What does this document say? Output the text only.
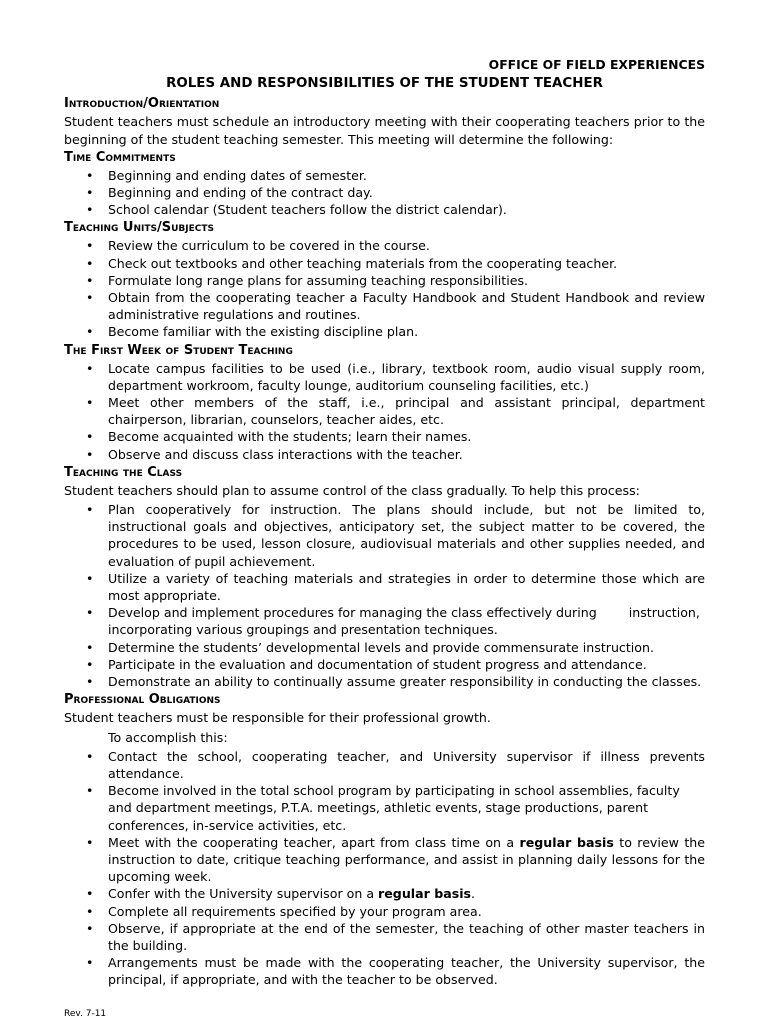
OFFICE OF FIELD EXPERIENCES
ROLES AND RESPONSIBILITIES OF THE STUDENT TEACHER
Introduction/Orientation
Student teachers must schedule an introductory meeting with their cooperating teachers prior to the beginning of the student teaching semester. This meeting will determine the following:
Time Commitments
• Beginning and ending dates of semester.
• Beginning and ending of the contract day.
• School calendar (Student teachers follow the district calendar).
Teaching Units/Subjects
• Review the curriculum to be covered in the course.
• Check out textbooks and other teaching materials from the cooperating teacher.
• Formulate long range plans for assuming teaching responsibilities.
• Obtain from the cooperating teacher a Faculty Handbook and Student Handbook and review administrative regulations and routines.
• Become familiar with the existing discipline plan.
The First Week of Student Teaching
• Locate campus facilities to be used (i.e., library, textbook room, audio visual supply room, department workroom, faculty lounge, auditorium counseling facilities, etc.)
• Meet other members of the staff, i.e., principal and assistant principal, department chairperson, librarian, counselors, teacher aides, etc.
• Become acquainted with the students; learn their names.
• Observe and discuss class interactions with the teacher.
Teaching the Class
Student teachers should plan to assume control of the class gradually. To help this process:
• Plan cooperatively for instruction. The plans should include, but not be limited to, instructional goals and objectives, anticipatory set, the subject matter to be covered, the procedures to be used, lesson closure, audiovisual materials and other supplies needed, and evaluation of pupil achievement.
• Utilize a variety of teaching materials and strategies in order to determine those which are most appropriate.
• Develop and implement procedures for managing the class effectively during        instruction, incorporating various groupings and presentation techniques.
• Determine the students’ developmental levels and provide commensurate instruction.
• Participate in the evaluation and documentation of student progress and attendance.
• Demonstrate an ability to continually assume greater responsibility in conducting the classes.
Professional Obligations
Student teachers must be responsible for their professional growth.
To accomplish this:
• Contact the school, cooperating teacher, and University supervisor if illness prevents attendance.
• Become involved in the total school program by participating in school assemblies, faculty and department meetings, P.T.A. meetings, athletic events, stage productions, parent conferences, in-service activities, etc.
• Meet with the cooperating teacher, apart from class time on a regular basis to review the instruction to date, critique teaching performance, and assist in planning daily lessons for the upcoming week.
• Confer with the University supervisor on a regular basis.
• Complete all requirements specified by your program area.
• Observe, if appropriate at the end of the semester, the teaching of other master teachers in the building.
• Arrangements must be made with the cooperating teacher, the University supervisor, the principal, if appropriate, and with the teacher to be observed.
Rev. 7-11
